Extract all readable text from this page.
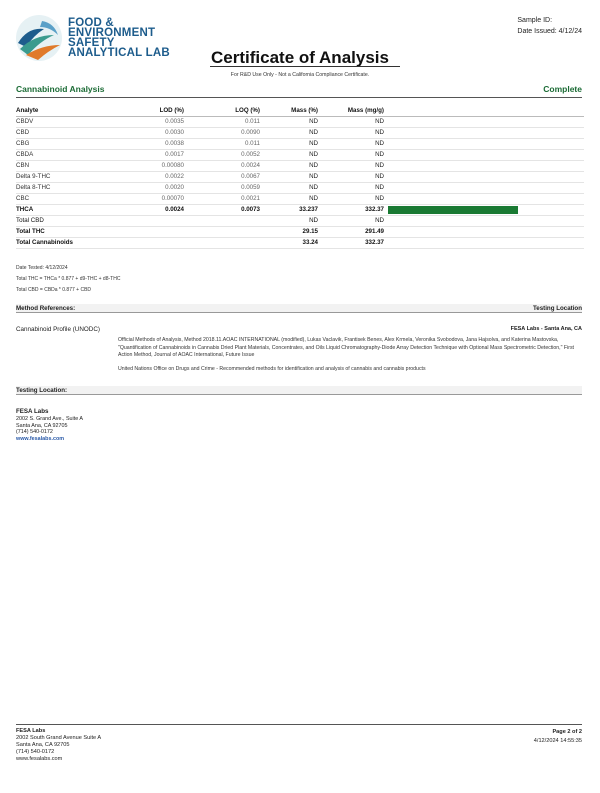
FOOD &
ENVIRONMENT
SAFETY
ANALYTICAL LAB
Sample ID:
Date Issued: 4/12/24
Certificate of Analysis
For R&D Use Only - Not a California Compliance Certificate.
Cannabinoid Analysis	Complete
Analyte	LOD (%)	LOQ (%)	Mass (%)	Mass (mg/g)	
CBDV	0.0035	0.011	ND	ND	
CBD	0.0030	0.0090	ND	ND	
CBG	0.0038	0.011	ND	ND	
CBDA	0.0017	0.0052	ND	ND	
CBN	0.00080	0.0024	ND	ND	
Delta 9-THC	0.0022	0.0067	ND	ND	
Delta 8-THC	0.0020	0.0059	ND	ND	
CBC	0.00070	0.0021	ND	ND	
THCA	0.0024	0.0073	33.237	332.37	
Total CBD			ND	ND	
Total THC			29.15	291.49	
Total Cannabinoids			33.24	332.37	
Date Tested: 4/12/2024
Total THC = THCa * 0.877 + d9-THC + d8-THC
Total CBD = CBDa * 0.877 + CBD
Method References:	Testing Location
Cannabinoid Profile (UNODC)	FESA Labs - Santa Ana, CA

Official Methods of Analysis, Method 2018.11.AOAC INTERNATIONAL (modified), Lukas Vaclavik, Frantisek Benes, Alex Krmela, Veronika Svobodova, Jana Hajsolva, and Katerina Mastovska, "Quantification of Cannabinoids in Cannabis Dried Plant Materials, Concentrates, and Oils Liquid Chromatography-Diode Array Detection Technique with Optional Mass Spectrometric Detection," First Action Method, Journal of AOAC International, Future Issue

United Nations Office on Drugs and Crime - Recommended methods for identification and analysis of cannabis and cannabis products

Testing Location:
FESA Labs
2002 S. Grand Ave., Suite A
Santa Ana, CA 92705
(714) 540-0172
www.fesalabs.com
FESA Labs
2002 South Grand Avenue Suite A
Santa Ana, CA 92705
(714) 540-0172
www.fesalabs.com
Page 2 of 2
4/12/2024 14:55:35
